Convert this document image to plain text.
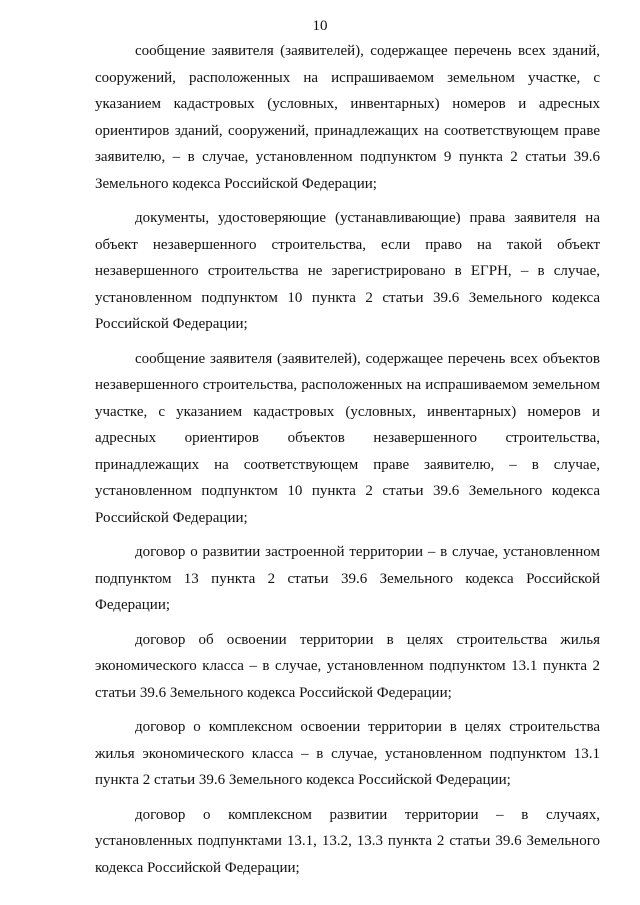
10

сообщение заявителя (заявителей), содержащее перечень всех зданий, сооружений, расположенных на испрашиваемом земельном участке, с указанием кадастровых (условных, инвентарных) номеров и адресных ориентиров зданий, сооружений, принадлежащих на соответствующем праве заявителю, – в случае, установленном подпунктом 9 пункта 2 статьи 39.6 Земельного кодекса Российской Федерации;

документы, удостоверяющие (устанавливающие) права заявителя на объект незавершенного строительства, если право на такой объект незавершенного строительства не зарегистрировано в ЕГРН, – в случае, установленном подпунктом 10 пункта 2 статьи 39.6 Земельного кодекса Российской Федерации;

сообщение заявителя (заявителей), содержащее перечень всех объектов незавершенного строительства, расположенных на испрашиваемом земельном участке, с указанием кадастровых (условных, инвентарных) номеров и адресных ориентиров объектов незавершенного строительства, принадлежащих на соответствующем праве заявителю, – в случае, установленном подпунктом 10 пункта 2 статьи 39.6 Земельного кодекса Российской Федерации;

договор о развитии застроенной территории – в случае, установленном подпунктом 13 пункта 2 статьи 39.6 Земельного кодекса Российской Федерации;

договор об освоении территории в целях строительства жилья экономического класса – в случае, установленном подпунктом 13.1 пункта 2 статьи 39.6 Земельного кодекса Российской Федерации;

договор о комплексном освоении территории в целях строительства жилья экономического класса – в случае, установленном подпунктом 13.1 пункта 2 статьи 39.6 Земельного кодекса Российской Федерации;

договор о комплексном развитии территории – в случаях, установленных подпунктами 13.1, 13.2, 13.3 пункта 2 статьи 39.6 Земельного кодекса Российской Федерации;
